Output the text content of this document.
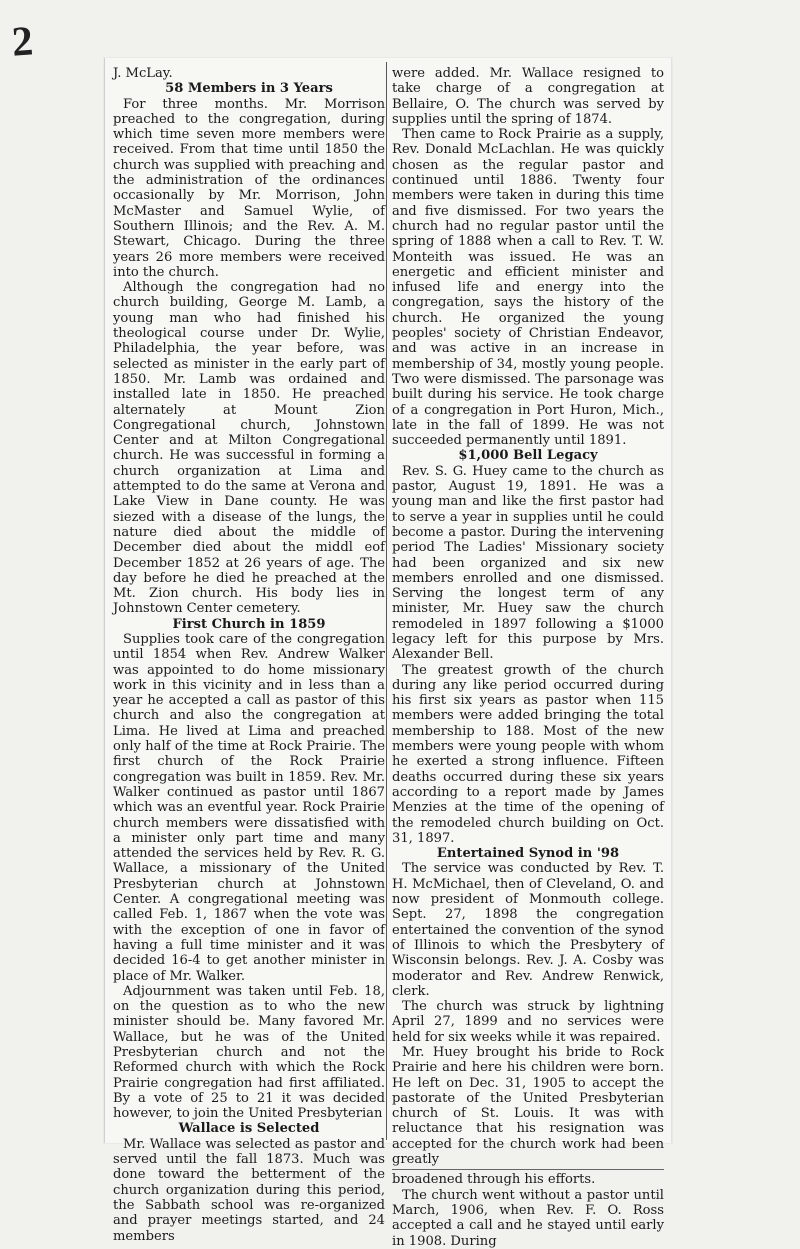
2

J. McLay.

58 Members in 3 Years

For three months. Mr. Morrison preached to the congregation, during which time seven more members were received. From that time until 1850 the church was supplied with preaching and the administration of the ordinances occasionally by Mr. Morrison, John McMaster and Samuel Wylie, of Southern Illinois; and the Rev. A. M. Stewart, Chicago. During the three years 26 more members were received into the church.

Although the congregation had no church building, George M. Lamb, a young man who had finished his theological course under Dr. Wylie, Philadelphia, the year before, was selected as minister in the early part of 1850. Mr. Lamb was ordained and installed late in 1850. He preached alternately at Mount Zion Congregational church, Johnstown Center and at Milton Congregational church. He was successful in forming a church organization at Lima and attempted to do the same at Verona and Lake View in Dane county. He was siezed with a disease of the lungs, the nature died about the middle of December died about the middl eof December 1852 at 26 years of age. The day before he died he preached at the Mt. Zion church. His body lies in Johnstown Center cemetery.

First Church in 1859

Supplies took care of the congregation until 1854 when Rev. Andrew Walker was appointed to do home missionary work in this vicinity and in less than a year he accepted a call as pastor of this church and also the congregation at Lima. He lived at Lima and preached only half of the time at Rock Prairie. The first church of the Rock Prairie congregation was built in 1859. Rev. Mr. Walker continued as pastor until 1867 which was an eventful year. Rock Prairie church members were dissatisfied with a minister only part time and many attended the services held by Rev. R. G. Wallace, a missionary of the United Presbyterian church at Johnstown Center. A congregational meeting was called Feb. 1, 1867 when the vote was with the exception of one in favor of having a full time minister and it was decided 16-4 to get another minister in place of Mr. Walker.

Adjournment was taken until Feb. 18, on the question as to who the new minister should be. Many favored Mr. Wallace, but he was of the United Presbyterian church and not the Reformed church with which the Rock Prairie congregation had first affiliated. By a vote of 25 to 21 it was decided however, to join the United Presbyterian

Wallace is Selected

Mr. Wallace was selected as pastor and served until the fall 1873. Much was done toward the betterment of the church organization during this period, the Sabbath school was re-organized and prayer meetings started, and 24 members

were added. Mr. Wallace resigned to take charge of a congregation at Bellaire, O. The church was served by supplies until the spring of 1874.

Then came to Rock Prairie as a supply, Rev. Donald McLachlan. He was quickly chosen as the regular pastor and continued until 1886. Twenty four members were taken in during this time and five dismissed. For two years the church had no regular pastor until the spring of 1888 when a call to Rev. T. W. Monteith was issued. He was an energetic and efficient minister and infused life and energy into the congregation, says the history of the church. He organized the young peoples' society of Christian Endeavor, and was active in an increase in membership of 34, mostly young people. Two were dismissed. The parsonage was built during his service. He took charge of a congregation in Port Huron, Mich., late in the fall of 1899. He was not succeeded permanently until 1891.

$1,000 Bell Legacy

Rev. S. G. Huey came to the church as pastor, August 19, 1891. He was a young man and like the first pastor had to serve a year in supplies until he could become a pastor. During the intervening period The Ladies' Missionary society had been organized and six new members enrolled and one dismissed. Serving the longest term of any minister, Mr. Huey saw the church remodeled in 1897 following a $1000 legacy left for this purpose by Mrs. Alexander Bell.

The greatest growth of the church during any like period occurred during his first six years as pastor when 115 members were added bringing the total membership to 188. Most of the new members were young people with whom he exerted a strong influence. Fifteen deaths occurred during these six years according to a report made by James Menzies at the time of the opening of the remodeled church building on Oct. 31, 1897.

Entertained Synod in '98

The service was conducted by Rev. T. H. McMichael, then of Cleveland, O. and now president of Monmouth college. Sept. 27, 1898 the congregation entertained the convention of the synod of Illinois to which the Presbytery of Wisconsin belongs. Rev. J. A. Cosby was moderator and Rev. Andrew Renwick, clerk.

The church was struck by lightning April 27, 1899 and no services were held for six weeks while it was repaired.

Mr. Huey brought his bride to Rock Prairie and here his children were born. He left on Dec. 31, 1905 to accept the pastorate of the United Presbyterian church of St. Louis. It was with reluctance that his resignation was accepted for the church work had been greatly

broadened through his efforts.

The church went without a pastor until March, 1906, when Rev. F. O. Ross accepted a call and he stayed until early in 1908. During
